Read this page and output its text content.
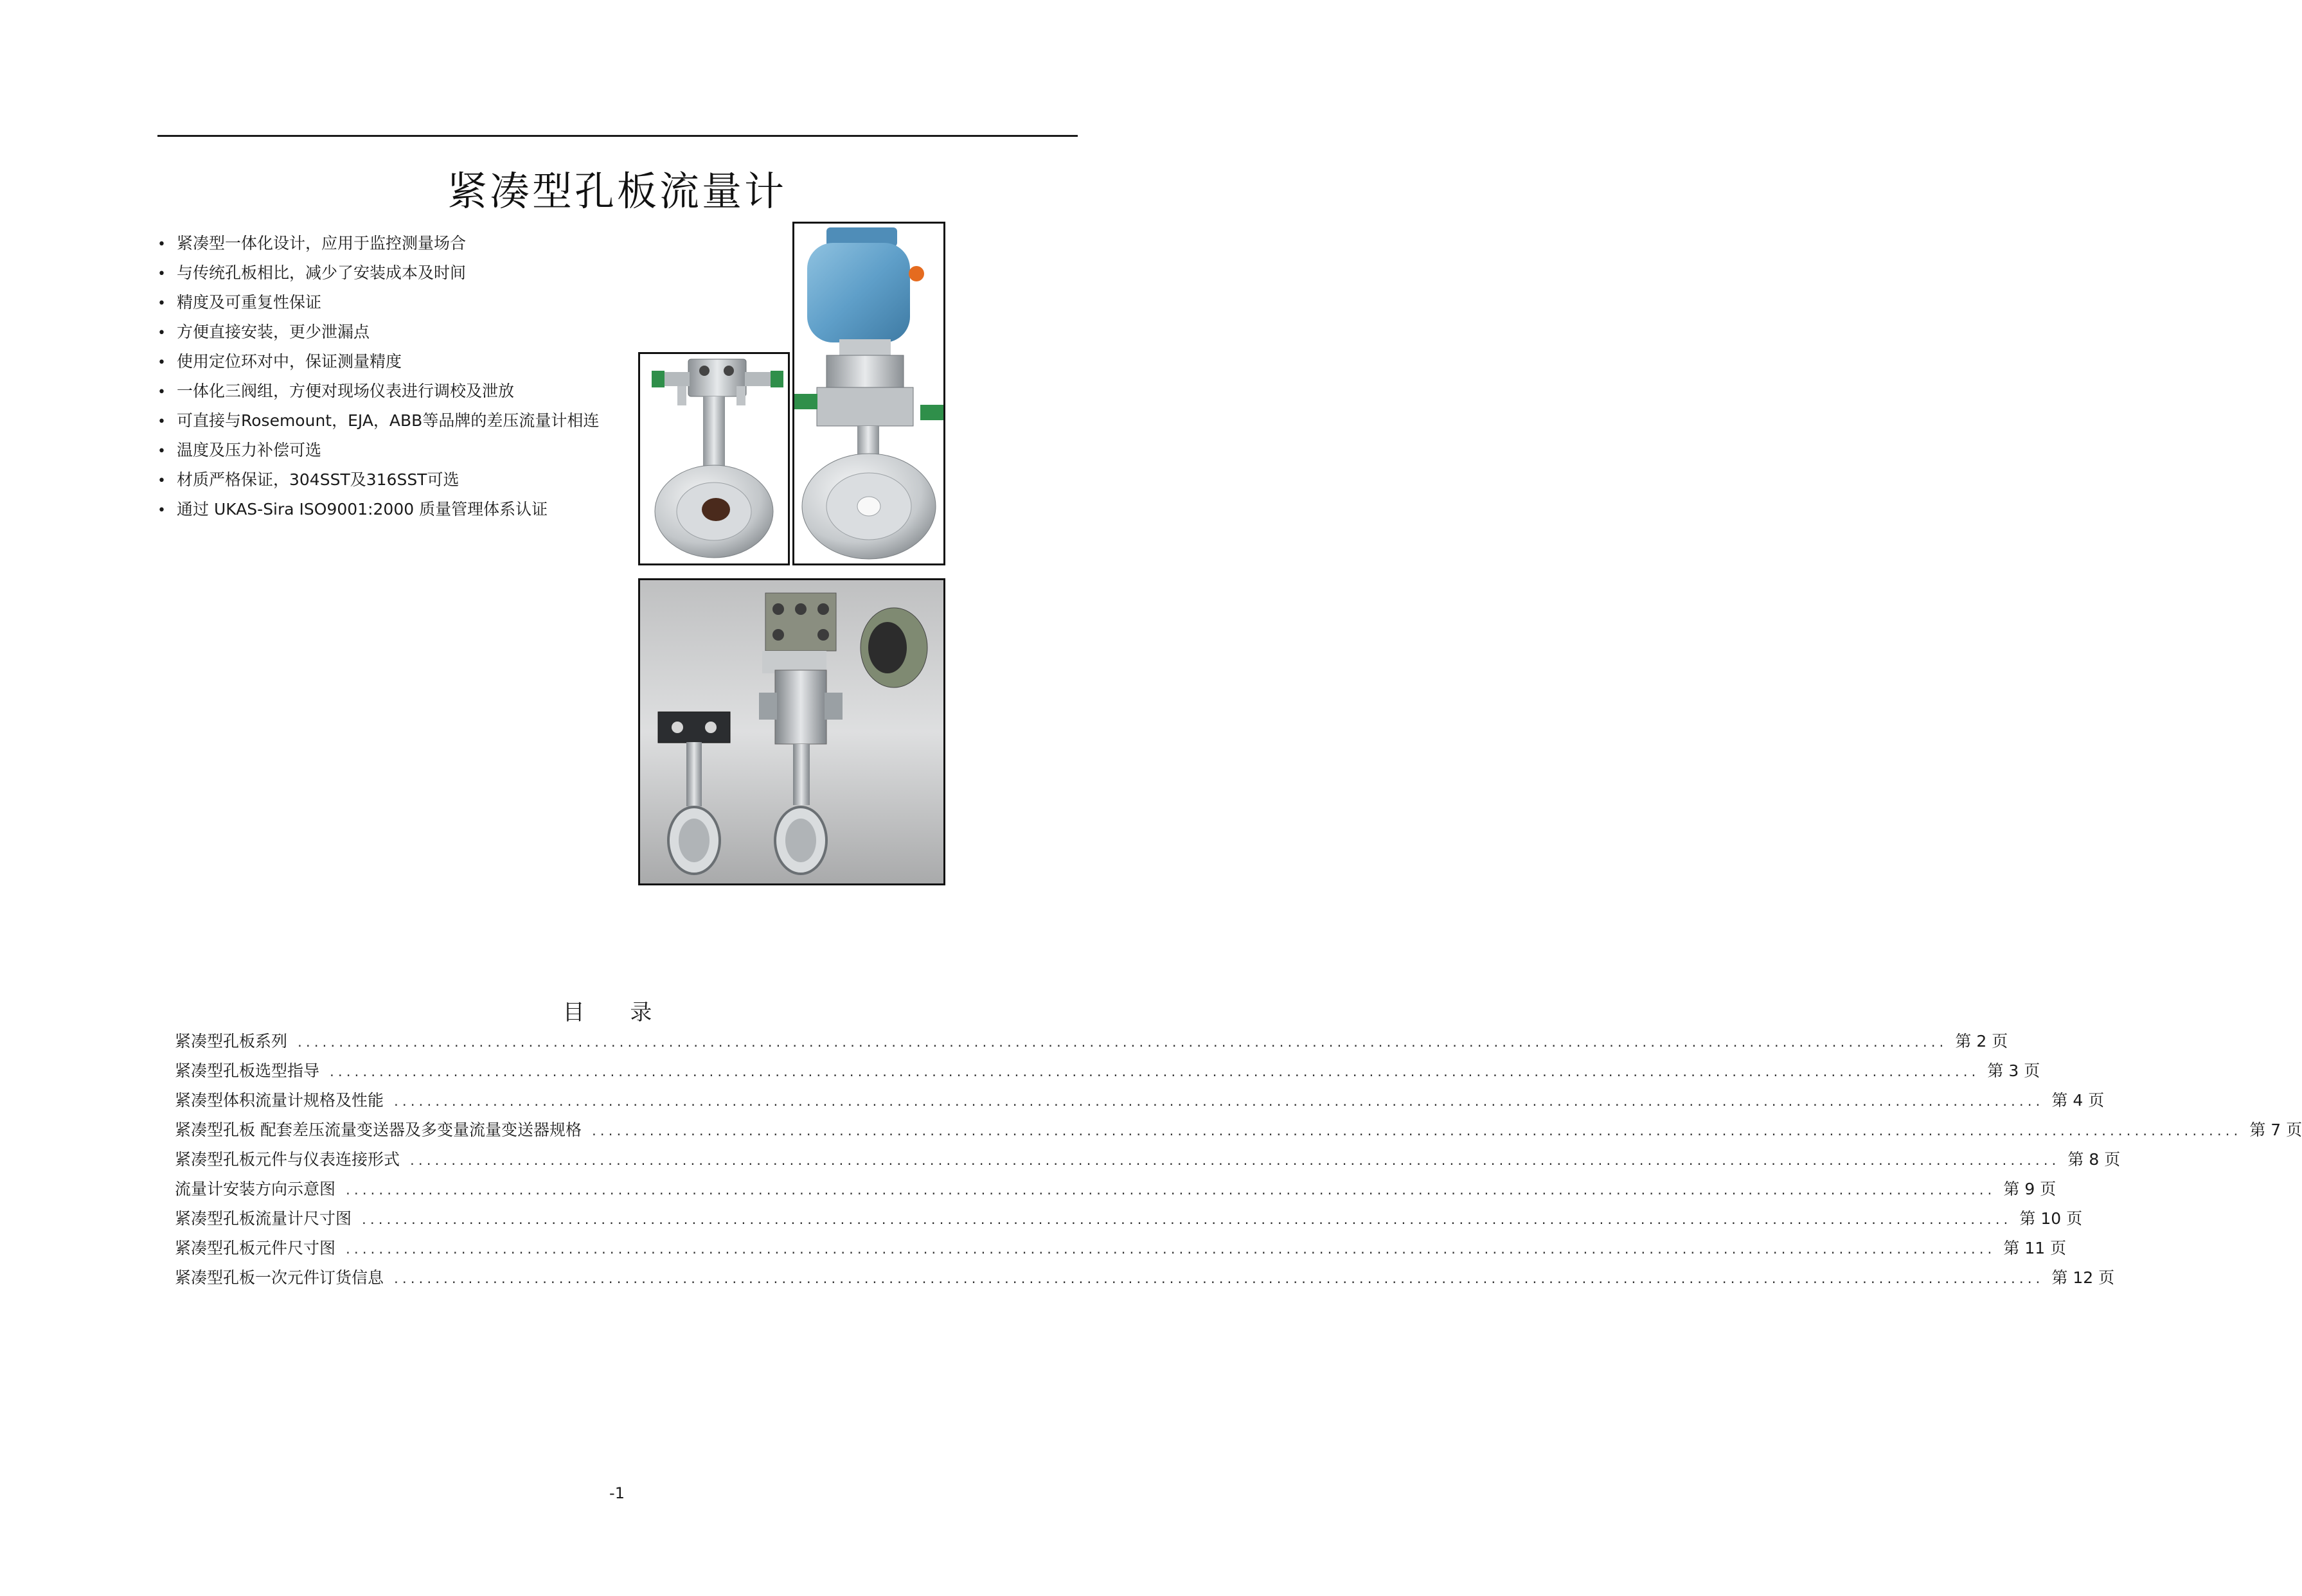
紧凑型孔板流量计
• 紧凑型一体化设计，应用于监控测量场合
• 与传统孔板相比，减少了安装成本及时间
• 精度及可重复性保证
• 方便直接安装，更少泄漏点
• 使用定位环对中，保证测量精度
• 一体化三阀组，方便对现场仪表进行调校及泄放
• 可直接与Rosemount，EJA，ABB等品牌的差压流量计相连
• 温度及压力补偿可选
• 材质严格保证，304SST及316SST可选
• 通过 UKAS-Sira ISO9001:2000 质量管理体系认证
目 录
紧凑型孔板系列 ........................................................................................................................................................................................................ 第 2 页
紧凑型孔板选型指导 ........................................................................................................................................................................................................ 第 3 页
紧凑型体积流量计规格及性能 ........................................................................................................................................................................................................ 第 4 页
紧凑型孔板 配套差压流量变送器及多变量流量变送器规格 ........................................................................................................................................................................................................ 第 7 页
紧凑型孔板元件与仪表连接形式 ........................................................................................................................................................................................................ 第 8 页
流量计安装方向示意图 ........................................................................................................................................................................................................ 第 9 页
紧凑型孔板流量计尺寸图 ........................................................................................................................................................................................................ 第 10 页
紧凑型孔板元件尺寸图 ........................................................................................................................................................................................................ 第 11 页
紧凑型孔板一次元件订货信息 ........................................................................................................................................................................................................ 第 12 页
-1
